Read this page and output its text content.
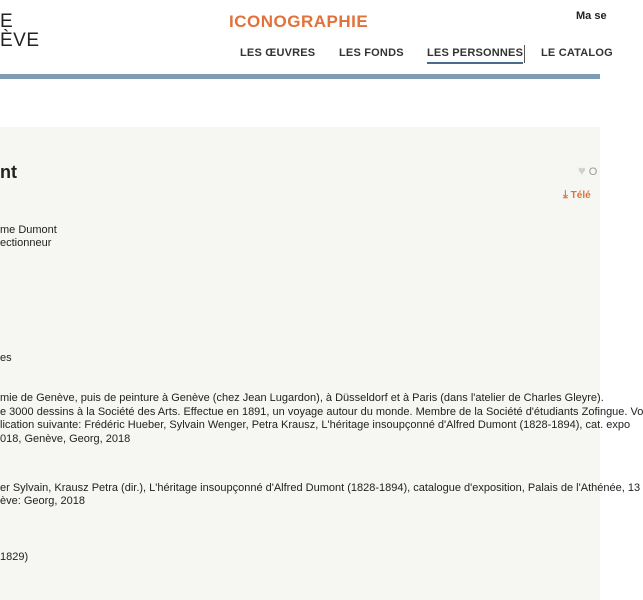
E
ÈVE
ICONOGRAPHIE	Ma se
LES ŒUVRES LES FONDS LES PERSONNES LE CATALOG
nt	♥ O
⤓ Télé
me Dumont
ectionneur
es
mie de Genève, puis de peinture à Genève (chez Jean Lugardon), à Düsseldorf et à Paris (dans l'atelier de Charles Gleyre).
e 3000 dessins à la Société des Arts. Effectue en 1891, un voyage autour du monde. Membre de la Société d'étudiants Zofingue. Vo
lication suivante: Frédéric Hueber, Sylvain Wenger, Petra Krausz, L'héritage insoupçonné d'Alfred Dumont (1828-1894), cat. expo
018, Genève, Georg, 2018
er Sylvain, Krausz Petra (dir.), L'héritage insoupçonné d'Alfred Dumont (1828-1894), catalogue d'exposition, Palais de l'Athénée, 13
ève: Georg, 2018
1829)
